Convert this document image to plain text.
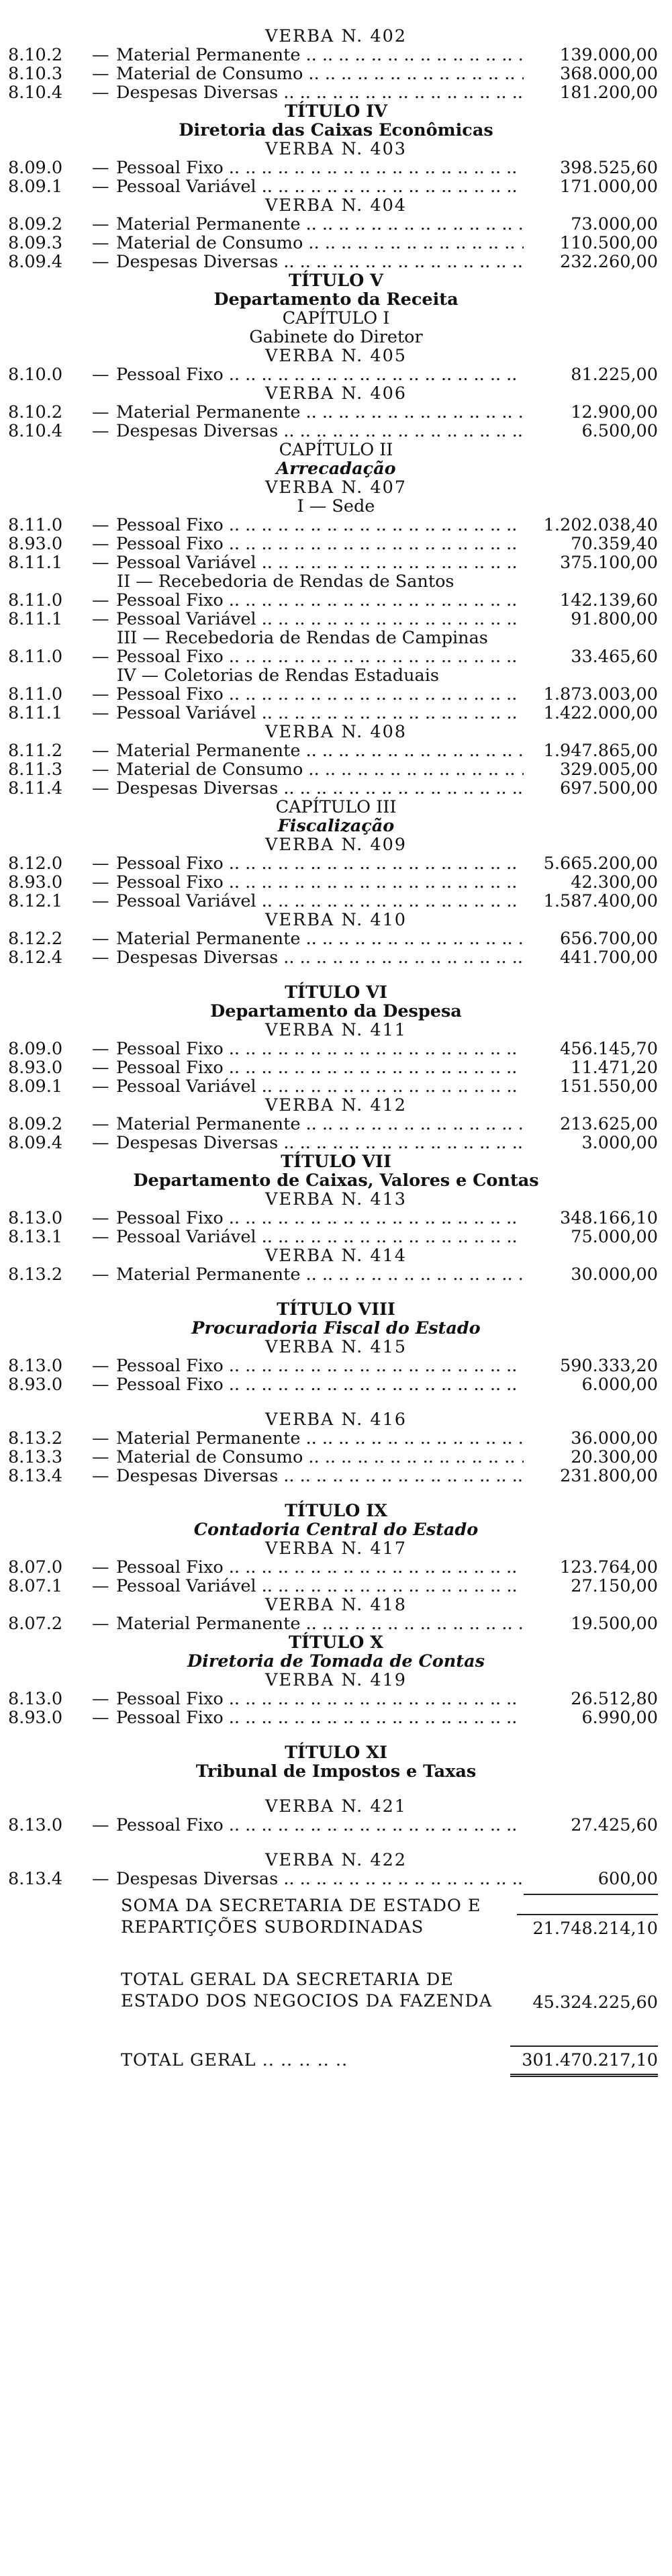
VERBA N. 402
8.10.2	— Material Permanente .. ..	139.000,00
8.10.3	— Material de Consumo .. ..	368.000,00
8.10.4	— Despesas Diversas .. ..	181.200,00
TÍTULO IV
Diretoria das Caixas Econômicas
VERBA N. 403
8.09.0	— Pessoal Fixo .. ..	398.525,60
8.09.1	— Pessoal Variável .. ..	171.000,00
VERBA N. 404
8.09.2	— Material Permanente .. ..	73.000,00
8.09.3	— Material de Consumo .. ..	110.500,00
8.09.4	— Despesas Diversas .. ..	232.260,00
TÍTULO V
Departamento da Receita
CAPÍTULO I
Gabinete do Diretor
VERBA N. 405
8.10.0	— Pessoal Fixo .. ..	81.225,00
VERBA N. 406
8.10.2	— Material Permanente .. ..	12.900,00
8.10.4	— Despesas Diversas .. ..	6.500,00
CAPÍTULO II
Arrecadação
VERBA N. 407
I — Sede
8.11.0	— Pessoal Fixo .. ..	1.202.038,40
8.93.0	— Pessoal Fixo .. ..	70.359,40
8.11.1	— Pessoal Variável .. ..	375.100,00
II — Recebedoria de Rendas de Santos
8.11.0	— Pessoal Fixo .. ..	142.139,60
8.11.1	— Pessoal Variável .. ..	91.800,00
III — Recebedoria de Rendas de Campinas
8.11.0	— Pessoal Fixo .. ..	33.465,60
IV — Coletorias de Rendas Estaduais
8.11.0	— Pessoal Fixo .. ..	1.873.003,00
8.11.1	— Pessoal Variável .. ..	1.422.000,00
VERBA N. 408
8.11.2	— Material Permanente .. ..	1.947.865,00
8.11.3	— Material de Consumo .. ..	329.005,00
8.11.4	— Despesas Diversas .. ..	697.500,00
CAPÍTULO III
Fiscalização
VERBA N. 409
8.12.0	— Pessoal Fixo .. ..	5.665.200,00
8.93.0	— Pessoal Fixo .. ..	42.300,00
8.12.1	— Pessoal Variável .. ..	1.587.400,00
VERBA N. 410
8.12.2	— Material Permanente .. ..	656.700,00
8.12.4	— Despesas Diversas .. ..	441.700,00
TÍTULO VI
Departamento da Despesa
VERBA N. 411
8.09.0	— Pessoal Fixo .. ..	456.145,70
8.93.0	— Pessoal Fixo .. ..	11.471,20
8.09.1	— Pessoal Variável .. ..	151.550,00
VERBA N. 412
8.09.2	— Material Permanente .. ..	213.625,00
8.09.4	— Despesas Diversas .. ..	3.000,00
TÍTULO VII
Departamento de Caixas, Valores e Contas
VERBA N. 413
8.13.0	— Pessoal Fixo .. ..	348.166,10
8.13.1	— Pessoal Variável .. ..	75.000,00
VERBA N. 414
8.13.2	— Material Permanente .. ..	30.000,00
TÍTULO VIII
Procuradoria Fiscal do Estado
VERBA N. 415
8.13.0	— Pessoal Fixo .. ..	590.333,20
8.93.0	— Pessoal Fixo .. ..	6.000,00
VERBA N. 416
8.13.2	— Material Permanente .. ..	36.000,00
8.13.3	— Material de Consumo .. ..	20.300,00
8.13.4	— Despesas Diversas .. ..	231.800,00
TÍTULO IX
Contadoria Central do Estado
VERBA N. 417
8.07.0	— Pessoal Fixo .. ..	123.764,00
8.07.1	— Pessoal Variável .. ..	27.150,00
VERBA N. 418
8.07.2	— Material Permanente .. ..	19.500,00
TÍTULO X
Diretoria de Tomada de Contas
VERBA N. 419
8.13.0	— Pessoal Fixo .. ..	26.512,80
8.93.0	— Pessoal Fixo .. ..	6.990,00
TÍTULO XI
Tribunal de Impostos e Taxas
VERBA N. 421
8.13.0	— Pessoal Fixo .. ..	27.425,60
VERBA N. 422
8.13.4	— Despesas Diversas .. ..	600,00
SOMA DA SECRETARIA DE ESTADO E REPARTIÇÕES SUBORDINADAS	21.748.214,10
TOTAL GERAL DA SECRETARIA DE ESTADO DOS NEGOCIOS DA FAZENDA	45.324.225,60
TOTAL GERAL .. ..	301.470.217,10
